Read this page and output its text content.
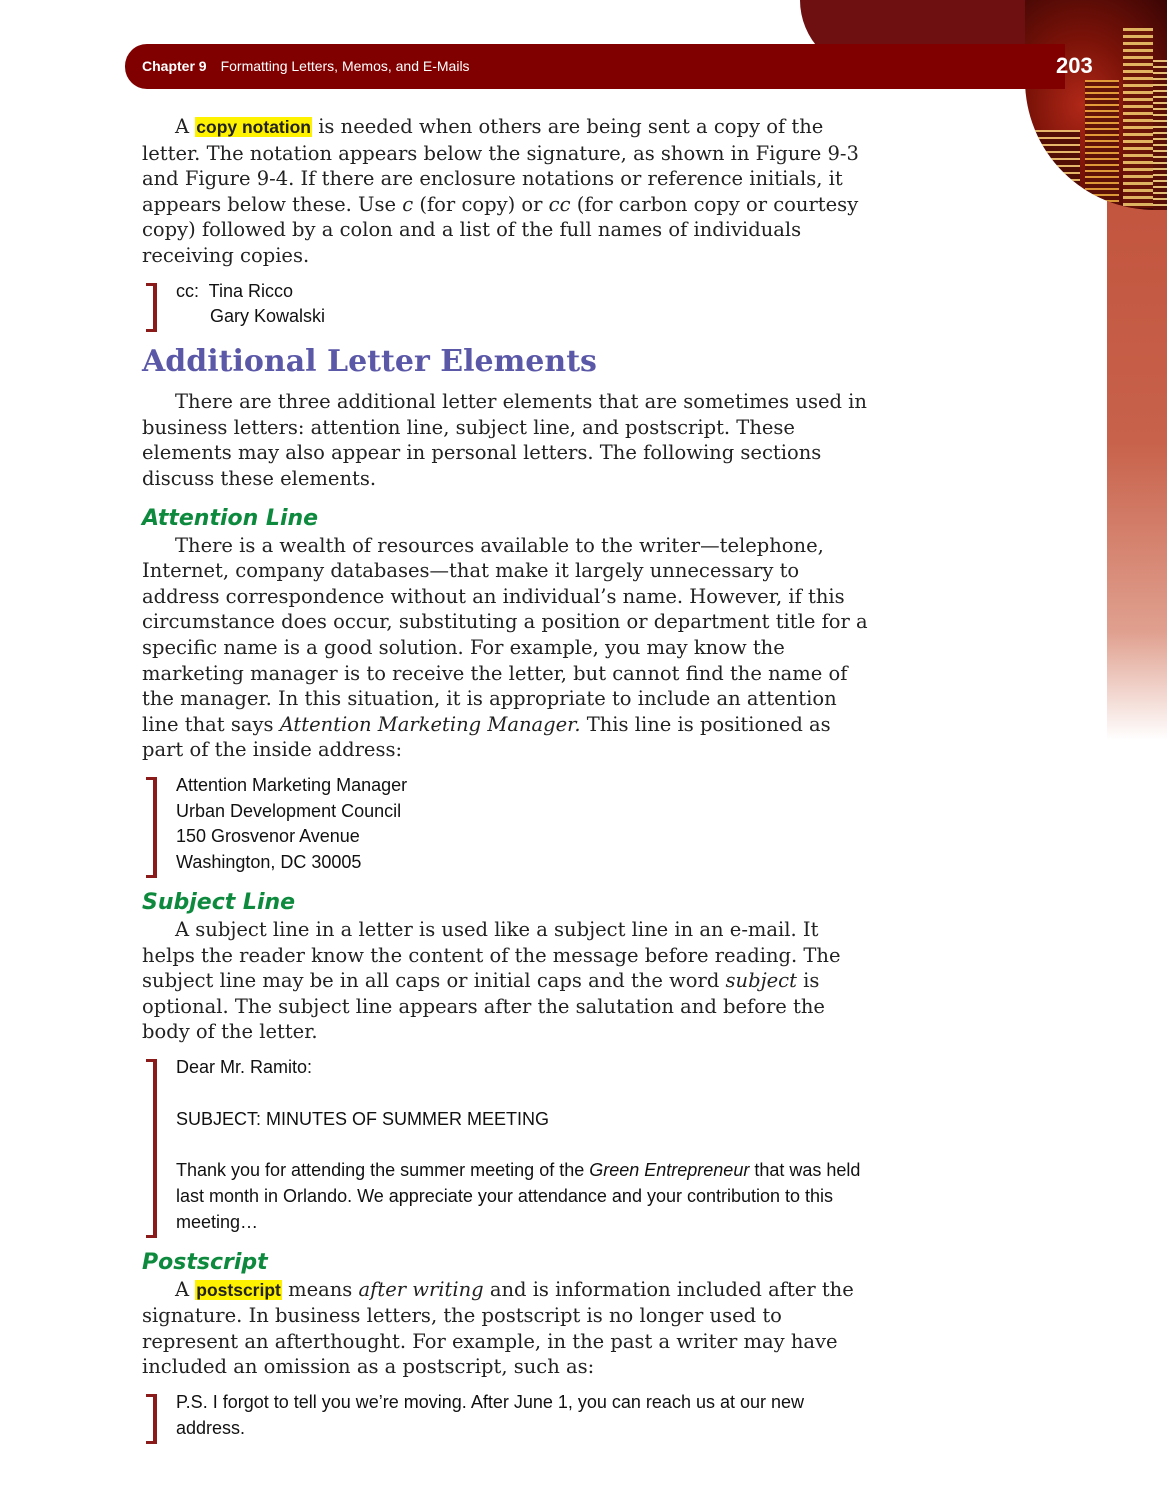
Chapter 9 Formatting Letters, Memos, and E-Mails	203

A copy notation is needed when others are being sent a copy of the letter. The notation appears below the signature, as shown in Figure 9-3 and Figure 9-4. If there are enclosure notations or reference initials, it appears below these. Use c (for copy) or cc (for carbon copy or courtesy copy) followed by a colon and a list of the full names of individuals receiving copies.

cc:  Tina Ricco
Gary Kowalski
Additional Letter Elements

There are three additional letter elements that are sometimes used in business letters: attention line, subject line, and postscript. These elements may also appear in personal letters. The following sections discuss these elements.

Attention Line

There is a wealth of resources available to the writer—telephone, Internet, company databases—that make it largely unnecessary to address correspondence without an individual’s name. However, if this circumstance does occur, substituting a position or department title for a specific name is a good solution. For example, you may know the marketing manager is to receive the letter, but cannot find the name of the manager. In this situation, it is appropriate to include an attention line that says Attention Marketing Manager. This line is positioned as part of the inside address:

Attention Marketing Manager
Urban Development Council
150 Grosvenor Avenue
Washington, DC 30005
Subject Line

A subject line in a letter is used like a subject line in an e-mail. It helps the reader know the content of the message before reading. The subject line may be in all caps or initial caps and the word subject is optional. The subject line appears after the salutation and before the body of the letter.

Dear Mr. Ramito:
SUBJECT: MINUTES OF SUMMER MEETING
Thank you for attending the summer meeting of the Green Entrepreneur that was held last month in Orlando. We appreciate your attendance and your contribution to this meeting…
Postscript

A postscript means after writing and is information included after the signature. In business letters, the postscript is no longer used to represent an afterthought. For example, in the past a writer may have included an omission as a postscript, such as:

P.S. I forgot to tell you we’re moving. After June 1, you can reach us at our new address.
